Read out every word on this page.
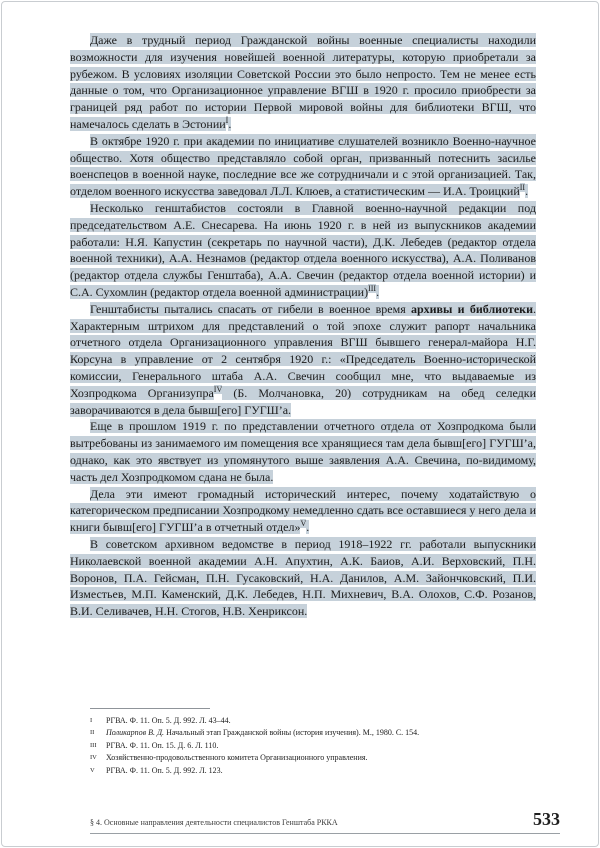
Даже в трудный период Гражданской войны военные специалисты находили возможности для изучения новейшей военной литературы, которую приобретали за рубежом. В условиях изоляции Советской России это было непросто. Тем не менее есть данные о том, что Организационное управление ВГШ в 1920 г. просило приобрести за границей ряд работ по истории Первой мировой войны для библиотеки ВГШ, что намечалось сделать в Эстонии$^I$.

В октябре 1920 г. при академии по инициативе слушателей возникло Военно-научное общество. Хотя общество представляло собой орган, призванный потеснить засилье военспецов в военной науке, последние все же сотрудничали и с этой организацией. Так, отделом военного искусства заведовал Л.Л. Клюев, а статистическим — И.А. Троицкий$^{II}$.

Несколько генштабистов состояли в Главной военно-научной редакции под председательством А.Е. Снесарева. На июнь 1920 г. в ней из выпускников академии работали: Н.Я. Капустин (секретарь по научной части), Д.К. Лебедев (редактор отдела военной техники), А.А. Незнамов (редактор отдела военного искусства), А.А. Поливанов (редактор отдела службы Генштаба), А.А. Свечин (редактор отдела военной истории) и С.А. Сухомлин (редактор отдела военной администрации)$^{III}$.

Генштабисты пытались спасать от гибели в военное время архивы и библиотеки. Характерным штрихом для представлений о той эпохе служит рапорт начальника отчетного отдела Организационного управления ВГШ бывшего генерал-майора Н.Г. Корсуна в управление от 2 сентября 1920 г.: «Председатель Военно-исторической комиссии, Генерального штаба А.А. Свечин сообщил мне, что выдаваемые из Хозпродкома Организупра$^{IV}$ (Б. Молчановка, 20) сотрудникам на обед селедки заворачиваются в дела бывш[его] ГУГШ’а.

Еще в прошлом 1919 г. по представлении отчетного отдела от Хозпродкома были вытребованы из занимаемого им помещения все хранящиеся там дела бывш[его] ГУГШ’а, однако, как это явствует из упомянутого выше заявления А.А. Свечина, по-видимому, часть дел Хозпродкомом сдана не была.

Дела эти имеют громадный исторический интерес, почему ходатайствую о категорическом предписании Хозпродкому немедленно сдать все оставшиеся у него дела и книги бывш[его] ГУГШ’а в отчетный отдел»$^V$.

В советском архивном ведомстве в период 1918–1922 гг. работали выпускники Николаевской военной академии А.Н. Апухтин, А.К. Баиов, А.И. Верховский, П.Н. Воронов, П.А. Гейсман, П.Н. Гусаковский, Н.А. Данилов, А.М. Зайончковский, П.И. Изместьев, М.П. Каменский, Д.К. Лебедев, Н.П. Михневич, В.А. Олохов, С.Ф. Розанов, В.И. Селивачев, Н.Н. Стогов, Н.В. Хенриксон.

I РГВА. Ф. 11. Оп. 5. Д. 992. Л. 43–44.
II Поликарпов В. Д. Начальный этап Гражданской войны (история изучения). М., 1980. С. 154.
III РГВА. Ф. 11. Оп. 15. Д. 6. Л. 110.
IV Хозяйственно-продовольственного комитета Организационного управления.
V РГВА. Ф. 11. Оп. 5. Д. 992. Л. 123.
§ 4. Основные направления деятельности специалистов Генштаба РККА	533
